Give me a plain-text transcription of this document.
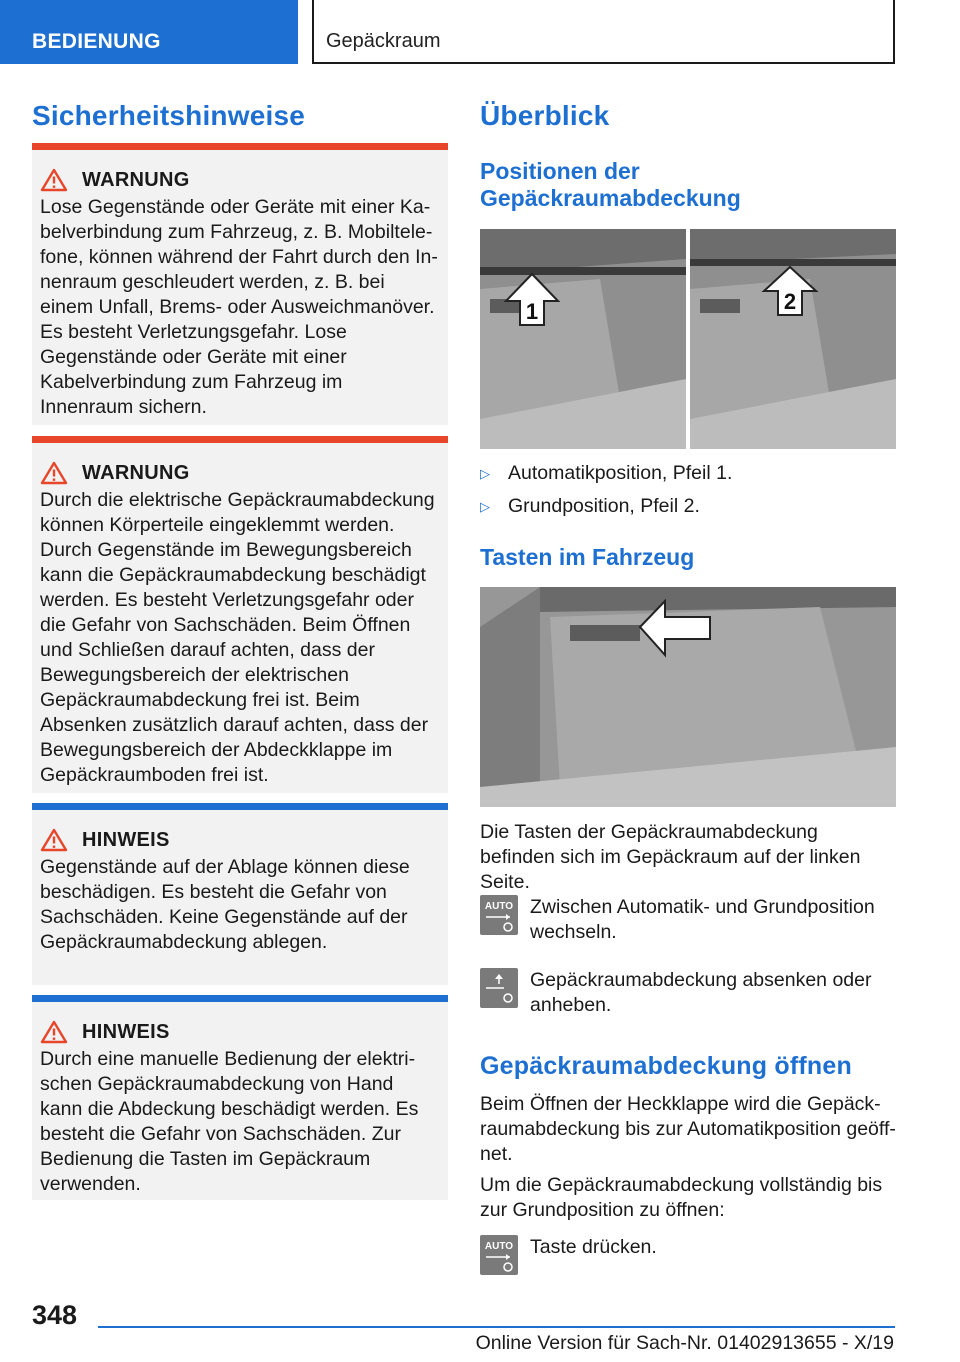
BEDIENUNG	Gepäckraum
Sicherheitshinweise
WARNUNG
Lose Gegenstände oder Geräte mit einer Kabelverbindung zum Fahrzeug, z. B. Mobiltelefone, können während der Fahrt durch den Innenraum geschleudert werden, z. B. bei einem Unfall, Brems- oder Ausweichmanöver. Es besteht Verletzungsgefahr. Lose Gegenstände oder Geräte mit einer Kabelverbindung zum Fahrzeug im Innenraum sichern.
WARNUNG
Durch die elektrische Gepäckraumabdeckung können Körperteile eingeklemmt werden. Durch Gegenstände im Bewegungsbereich kann die Gepäckraumabdeckung beschädigt werden. Es besteht Verletzungsgefahr oder die Gefahr von Sachschäden. Beim Öffnen und Schließen darauf achten, dass der Bewegungsbereich der elektrischen Gepäckraumabdeckung frei ist. Beim Absenken zusätzlich darauf achten, dass der Bewegungsbereich der Abdeckklappe im Gepäckraumboden frei ist.
HINWEIS
Gegenstände auf der Ablage können diese beschädigen. Es besteht die Gefahr von Sachschäden. Keine Gegenstände auf der Gepäckraumabdeckung ablegen.
HINWEIS
Durch eine manuelle Bedienung der elektrischen Gepäckraumabdeckung von Hand kann die Abdeckung beschädigt werden. Es besteht die Gefahr von Sachschäden. Zur Bedienung die Tasten im Gepäckraum verwenden.
Überblick
Positionen der Gepäckraumabdeckung
1	2
▷ Automatikposition, Pfeil 1.
▷ Grundposition, Pfeil 2.
Tasten im Fahrzeug
Die Tasten der Gepäckraumabdeckung befinden sich im Gepäckraum auf der linken Seite.
AUTO Zwischen Automatik- und Grundposition wechseln.
Gepäckraumabdeckung absenken oder anheben.
Gepäckraumabdeckung öffnen
Beim Öffnen der Heckklappe wird die Gepäckraumabdeckung bis zur Automatikposition geöffnet.
Um die Gepäckraumabdeckung vollständig bis zur Grundposition zu öffnen:
AUTO Taste drücken.
348
Online Version für Sach-Nr. 01402913655 - X/19
